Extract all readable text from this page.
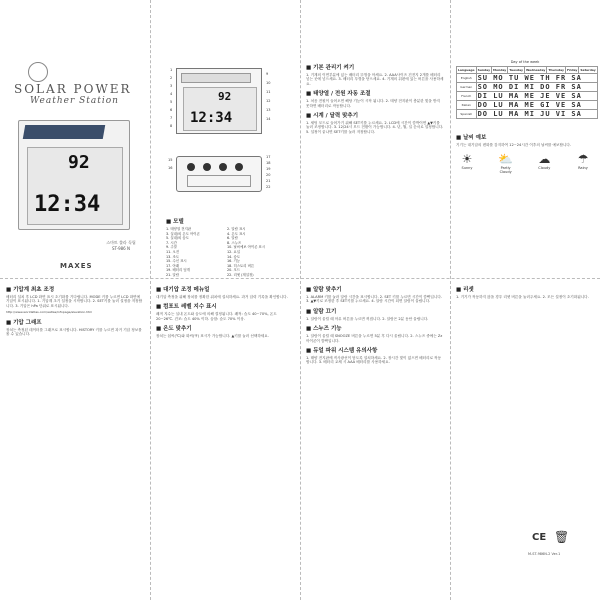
SOLAR POWER
Weather Station
92
12:34
스마트 쏠라 독립
ST-986 N
MAXES
92
12:34
1
2
3
4
5
6
7
8
9
10
11
12
13
14
15
16
17
18
19
20
21
22
■ 모델
1. 태양열 전지판	2. 알람 표시
3. 실내/외 온도 아이콘	4. 온도 표시
5. 실내/외 습도	6. 알람
7. 시간	8. 스누즈
9. 주말	10. 날씨예보 아이콘 표시
11. 오전	12. 요일
13. 조도	14. 습도
15. 수신 표시	16. 기능
17. 아래	18. 히스토리 버튼
19. 배터리 덮개	20. 모드
21. 알람	22. 리셋 (재설정)
■ 기본 관리기 켜기
1. 기계의 이면부분에 있는 배터리 뚜껑을 아세요. 2. AAA사이즈 건전지 2개를 배터리 넣는 곳에 넣으세요. 3. 배터리 뚜껑을 닫으세요. 4. 기계의 뒤편에 있는 버튼을 사용하세요.
■ 태양열 / 전원 자동 조절
1. 처음 전원이 들어오면 해당 기능이 시작 됩니다. 2. 태양 전지판이 충분한 빛을 받지 못하면 배터리로 작동합니다.
■ 시계 / 달력 맞추기
1. 세팅 모드로 들어가기 위해 SET키를 누르세요. 2. LCD에 시간이 깜박이면 ▲▼키를 눌러 조정합니다. 3. 12/24시 모드 전환이 가능합니다. 4. 년, 월, 일 순서로 설정합니다. 5. 설정이 끝나면 SET키를 눌러 저장합니다.
Day of the week
Language	Sunday	Monday	Tuesday	Wednesday	Thursday	Friday	Saturday
English	SU MO TU WE TH FR SA						
German	SO MO DI MI DO FR SA						
French	DI LU MA ME JE VE SA						
Italian	DO LU MA ME GI VE SA						
Spanish	DO LU MA MI JU VI SA						
■ 날씨 예보
기기는 대기압의 변화를 감지하여 12~24시간 이후의 날씨를 예보합니다.
☀
Sunny
⛅
Partly Cloudy
☁
Cloudy
☂
Rainy
■ 기압계 최초 조정
배터리 설치 후 LCD 화면 표시 초기화를 기다립니다. MODE 키를 누르면 LCD 화면에 기압이 표시됩니다. 1. 기압계 초기 설정을 시작합니다. 2. SET키를 눌러 설정을 저장합니다. 3. 기압은 hPa 단위로 표시됩니다.
http://www.worldatlas.com/aatlas/infopage/elevation.htm
■ 기압 그래프
장치는 측정된 데이터를 그래프로 표시합니다. HISTORY 키를 누르면 과거 기압 정보를 볼 수 있습니다.
■ 대기압 조정 메뉴얼
대기압 측정을 위해 장치를 정확한 위치에 설치하세요. 과거 압력 기록을 확인합니다.
■ 컴포트 레벨 지수 표시
쾌적 지수는 실내 온도와 습도에 의해 결정됩니다. 쾌적: 습도 40~70%, 온도 20~26℃. 건조: 습도 40% 이하. 습함: 습도 70% 이상.
■ 온도 맞추기
장치는 섭씨(℃)와 화씨(℉) 표시가 가능합니다. ▲키를 눌러 선택하세요.
■ 알람 맞추기
1. ALARM 키를 눌러 알람 시간을 표시합니다. 2. SET 키를 누르면 시간이 깜빡입니다. 3. ▲▼키로 조정한 후 SET키를 누르세요. 4. 알람 시간이 되면 알람이 울립니다.
■ 알람 끄기
1. 알람이 울릴 때 아무 버튼을 누르면 꺼집니다. 2. 알람은 2분 동안 울립니다.
■ 스누즈 기능
1. 알람이 울릴 때 SNOOZE 버튼을 누르면 5분 후 다시 울립니다. 2. 스누즈 중에는 Zz 아이콘이 깜빡입니다.
■ 듀얼 파워 시스템 유의사항
1. 태양 전지판에 직사광선이 닿도록 설치하세요. 2. 장시간 빛이 없으면 배터리로 작동합니다. 3. 배터리 교체 시 AAA 배터리를 사용하세요.
■ 리셋
1. 기기가 작동하지 않을 경우 리셋 버튼을 눌러주세요. 2. 모든 설정이 초기화됩니다.
CE 🗑
M-ST-986N-2 Ver.1
